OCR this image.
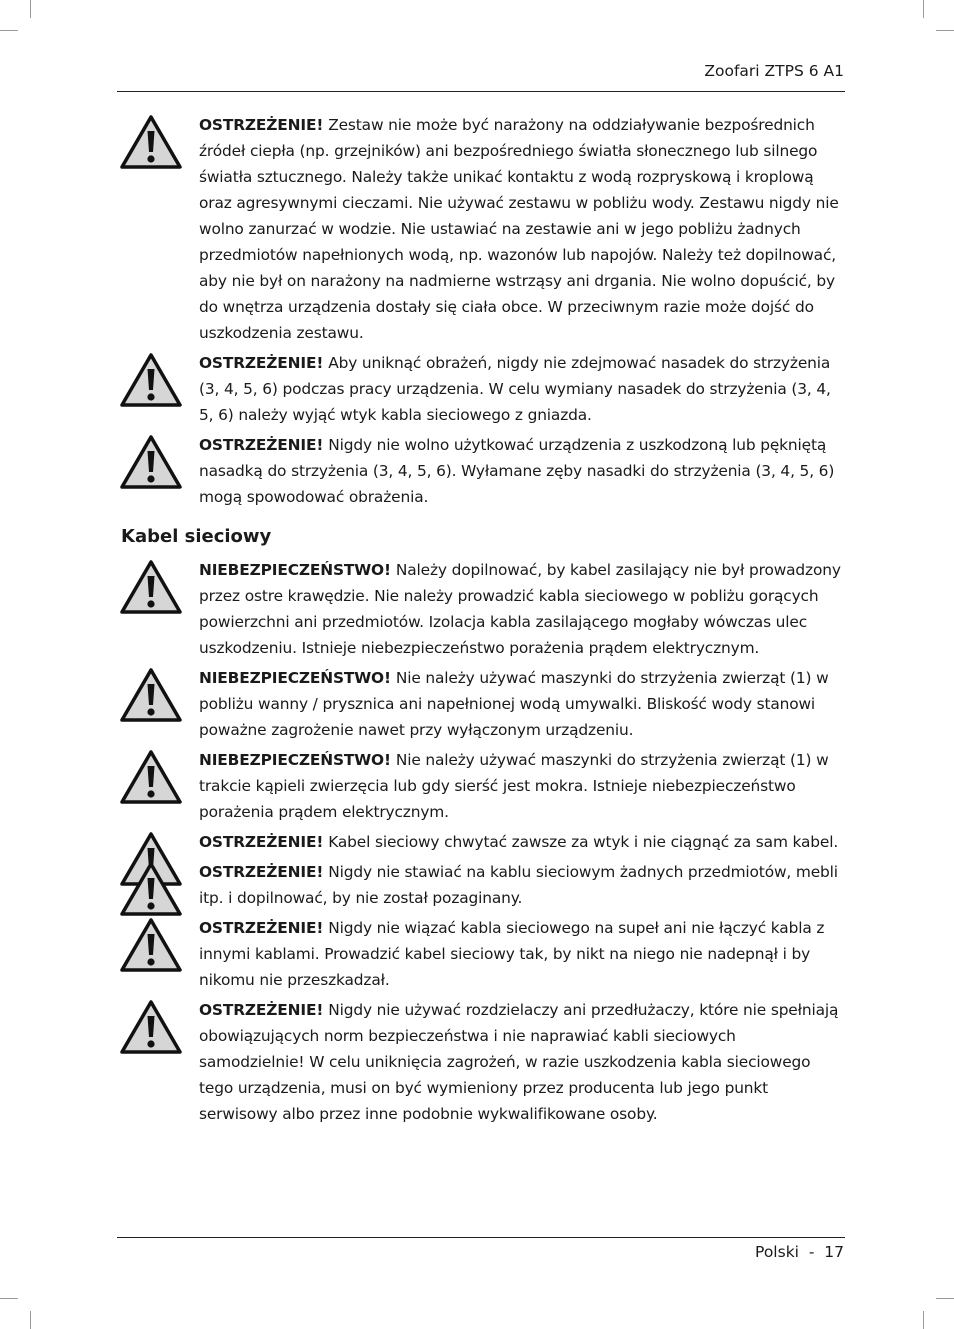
Zoofari ZTPS 6 A1
OSTRZEŻENIE! Zestaw nie może być narażony na oddziaływanie bezpośrednich źródeł ciepła (np. grzejników) ani bezpośredniego światła słonecznego lub silnego światła sztucznego. Należy także unikać kontaktu z wodą rozpryskową i kroplową oraz agresywnymi cieczami. Nie używać zestawu w pobliżu wody. Zestawu nigdy nie wolno zanurzać w wodzie. Nie ustawiać na zestawie ani w jego pobliżu żadnych przedmiotów napełnionych wodą, np. wazonów lub napojów. Należy też dopilnować, aby nie był on narażony na nadmierne wstrząsy ani drgania. Nie wolno dopuścić, by do wnętrza urządzenia dostały się ciała obce. W przeciwnym razie może dojść do uszkodzenia zestawu.
OSTRZEŻENIE! Aby uniknąć obrażeń, nigdy nie zdejmować nasadek do strzyżenia (3, 4, 5, 6) podczas pracy urządzenia. W celu wymiany nasadek do strzyżenia (3, 4, 5, 6) należy wyjąć wtyk kabla sieciowego z gniazda.
OSTRZEŻENIE! Nigdy nie wolno użytkować urządzenia z uszkodzoną lub pękniętą nasadką do strzyżenia (3, 4, 5, 6). Wyłamane zęby nasadki do strzyżenia (3, 4, 5, 6) mogą spowodować obrażenia.
Kabel sieciowy
NIEBEZPIECZEŃSTWO! Należy dopilnować, by kabel zasilający nie był prowadzony przez ostre krawędzie. Nie należy prowadzić kabla sieciowego w pobliżu gorących powierzchni ani przedmiotów. Izolacja kabla zasilającego mogłaby wówczas ulec uszkodzeniu. Istnieje niebezpieczeństwo porażenia prądem elektrycznym.
NIEBEZPIECZEŃSTWO! Nie należy używać maszynki do strzyżenia zwierząt (1) w pobliżu wanny / prysznica ani napełnionej wodą umywalki. Bliskość wody stanowi poważne zagrożenie nawet przy wyłączonym urządzeniu.
NIEBEZPIECZEŃSTWO! Nie należy używać maszynki do strzyżenia zwierząt (1) w trakcie kąpieli zwierzęcia lub gdy sierść jest mokra. Istnieje niebezpieczeństwo porażenia prądem elektrycznym.
OSTRZEŻENIE! Kabel sieciowy chwytać zawsze za wtyk i nie ciągnąć za sam kabel.
OSTRZEŻENIE! Nigdy nie stawiać na kablu sieciowym żadnych przedmiotów, mebli itp. i dopilnować, by nie został pozaginany.
OSTRZEŻENIE! Nigdy nie wiązać kabla sieciowego na supeł ani nie łączyć kabla z innymi kablami. Prowadzić kabel sieciowy tak, by nikt na niego nie nadepnął i by nikomu nie przeszkadzał.
OSTRZEŻENIE! Nigdy nie używać rozdzielaczy ani przedłużaczy, które nie spełniają obowiązujących norm bezpieczeństwa i nie naprawiać kabli sieciowych samodzielnie! W celu uniknięcia zagrożeń, w razie uszkodzenia kabla sieciowego tego urządzenia, musi on być wymieniony przez producenta lub jego punkt serwisowy albo przez inne podobnie wykwalifikowane osoby.
Polski  -  17
